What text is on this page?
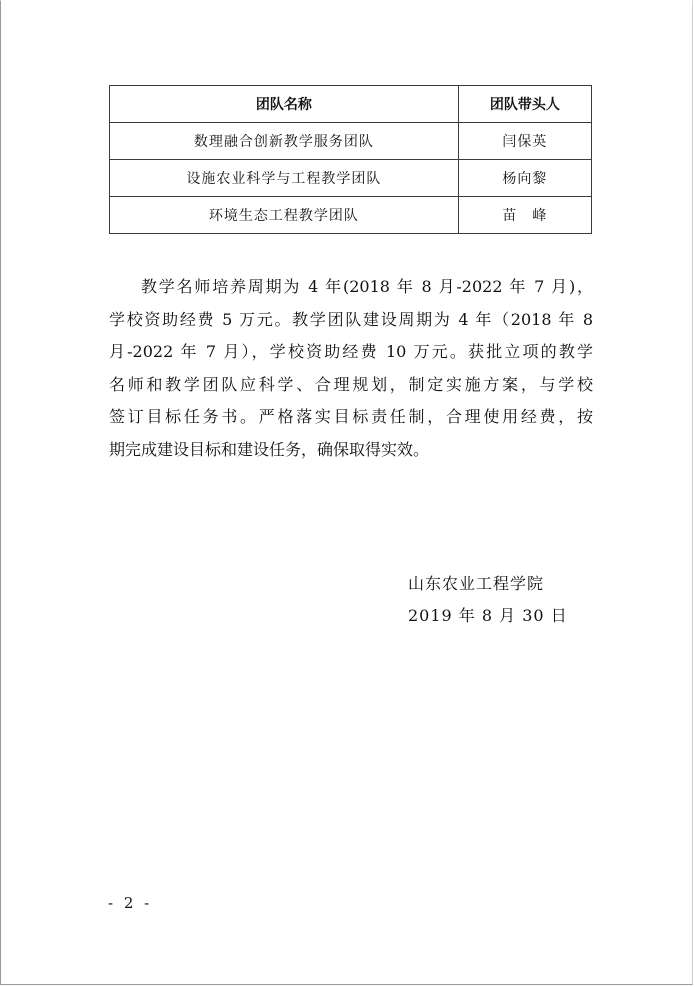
团队名称	团队带头人
数理融合创新教学服务团队	闫保英
设施农业科学与工程教学团队	杨向黎
环境生态工程教学团队	苗　峰
教学名师培养周期为 4 年(2018 年 8 月-2022 年 7 月)，
学校资助经费 5 万元。教学团队建设周期为 4 年（2018 年 8
月-2022 年 7 月），学校资助经费 10 万元。获批立项的教学
名师和教学团队应科学、合理规划，制定实施方案，与学校
签订目标任务书。严格落实目标责任制，合理使用经费，按
期完成建设目标和建设任务，确保取得实效。
山东农业工程学院
2019 年 8 月 30 日
- 2 -
